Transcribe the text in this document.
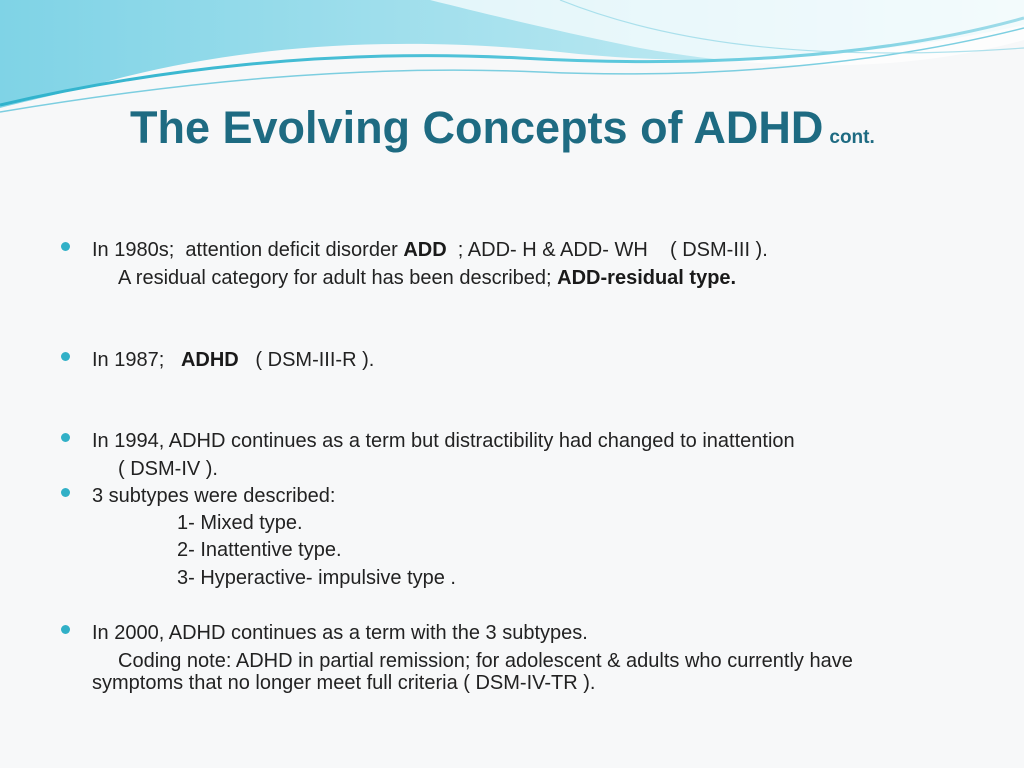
The Evolving Concepts of ADHD cont.
In 1980s;  attention deficit disorder ADD  ; ADD- H & ADD- WH    ( DSM-III ).
A residual category for adult has been described; ADD-residual type.
In 1987;   ADHD   ( DSM-III-R ).
In 1994, ADHD continues as a term but distractibility had changed to inattention
( DSM-IV ).
3 subtypes were described:
1- Mixed type.
2- Inattentive type.
3- Hyperactive- impulsive type .
In 2000, ADHD continues as a term with the 3 subtypes.
Coding note: ADHD in partial remission; for adolescent & adults who currently have
symptoms that no longer meet full criteria ( DSM-IV-TR ).
